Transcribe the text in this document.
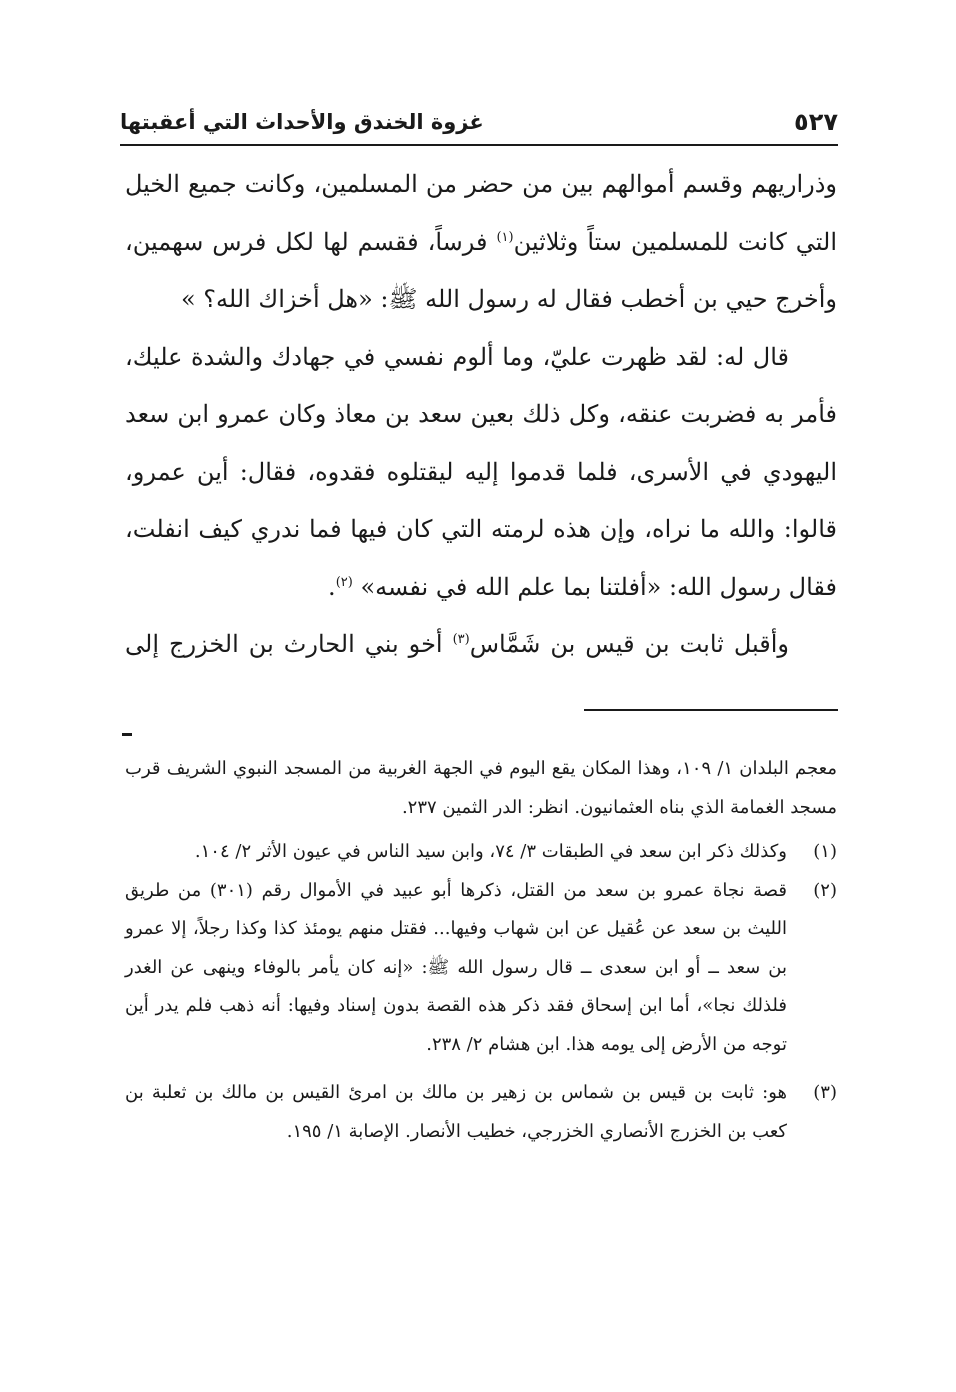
٥٢٧
غزوة الخندق والأحداث التي أعقبتها

وذراريهم وقسم أموالهم بين من حضر من المسلمين، وكانت جميع الخيل التي كانت للمسلمين ستاً وثلاثين$^{(١)}$ فرساً، فقسم لها لكل فرس سهمين، وأخرج حيي بن أخطب فقال له رسول الله ﷺ: «هل أخزاك الله؟ »

قال له: لقد ظهرت عليّ، وما ألوم نفسي في جهادك والشدة عليك، فأمر به فضربت عنقه، وكل ذلك بعين سعد بن معاذ وكان عمرو ابن سعد اليهودي في الأسرى، فلما قدموا إليه ليقتلوه فقدوه، فقال: أين عمرو، قالوا: والله ما نراه، وإن هذه لرمته التي كان فيها فما ندري كيف انفلت، فقال رسول الله: «أفلتنا بما علم الله في نفسه» $^{(٢)}$.

وأقبل ثابت بن قيس بن شَمَّاس$^{(٣)}$ أخو بني الحارث بن الخزرج إلى

معجم البلدان ١/ ١٠٩، وهذا المكان يقع اليوم في الجهة الغربية من المسجد النبوي الشريف قرب مسجد الغمامة الذي بناه العثمانيون. انظر: الدر الثمين ٢٣٧.

(١)
وكذلك ذكر ابن سعد في الطبقات ٣/ ٧٤، وابن سيد الناس في عيون الأثر ٢/ ١٠٤.
(٢)
قصة نجاة عمرو بن سعد من القتل، ذكرها أبو عبيد في الأموال رقم (٣٠١) من طريق الليث بن سعد عن عُقيل عن ابن شهاب وفيها... فقتل منهم يومئذ كذا وكذا رجلاً، إلا عمرو بن سعد ــ أو ابن سعدى ــ قال رسول الله ﷺ: «إنه كان يأمر بالوفاء وينهى عن الغدر فلذلك نجا»، أما ابن إسحاق فقد ذكر هذه القصة بدون إسناد وفيها: أنه ذهب فلم يدر أين توجه من الأرض إلى يومه هذا. ابن هشام ٢/ ٢٣٨.
(٣)
هو: ثابت بن قيس بن شماس بن زهير بن مالك بن امرئ القيس بن مالك بن ثعلبة بن كعب بن الخزرج الأنصاري الخزرجي، خطيب الأنصار. الإصابة ١/ ١٩٥.
